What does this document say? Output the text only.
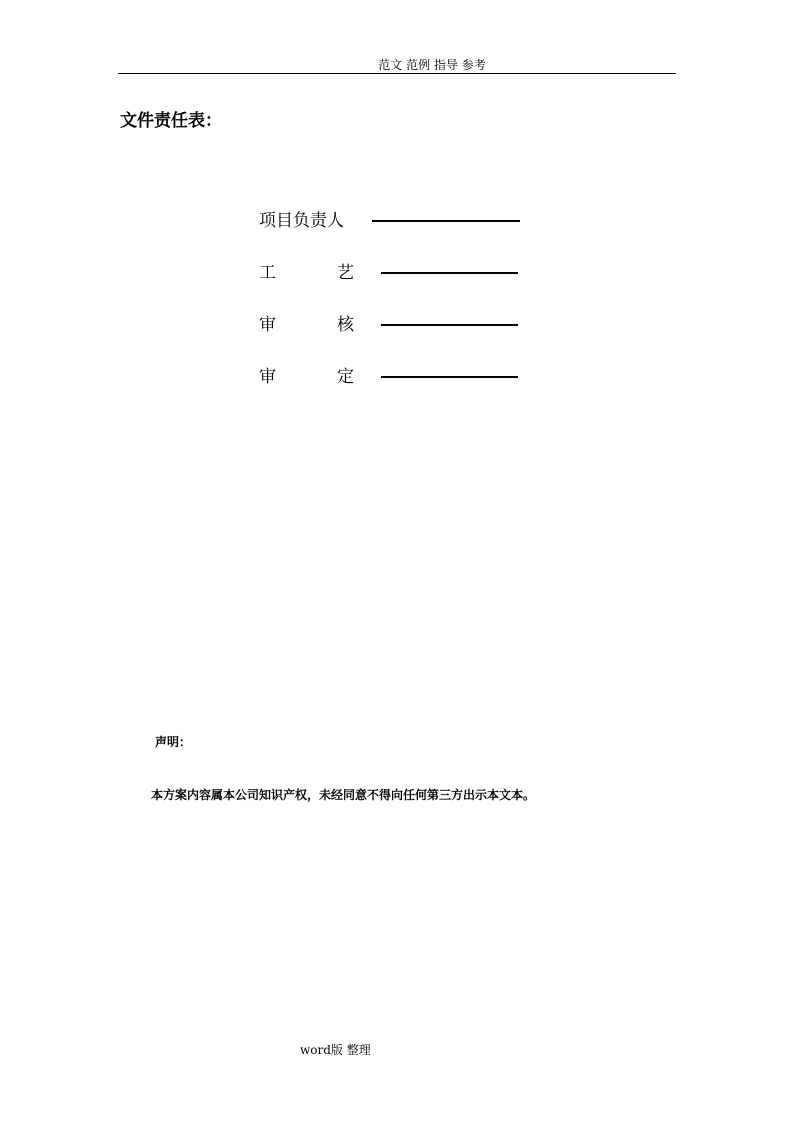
范文 范例 指导 参考
文件责任表：
项目负责人
工	艺
审	核
审	定
声明：
本方案内容属本公司知识产权，未经同意不得向任何第三方出示本文本。
word版 整理
